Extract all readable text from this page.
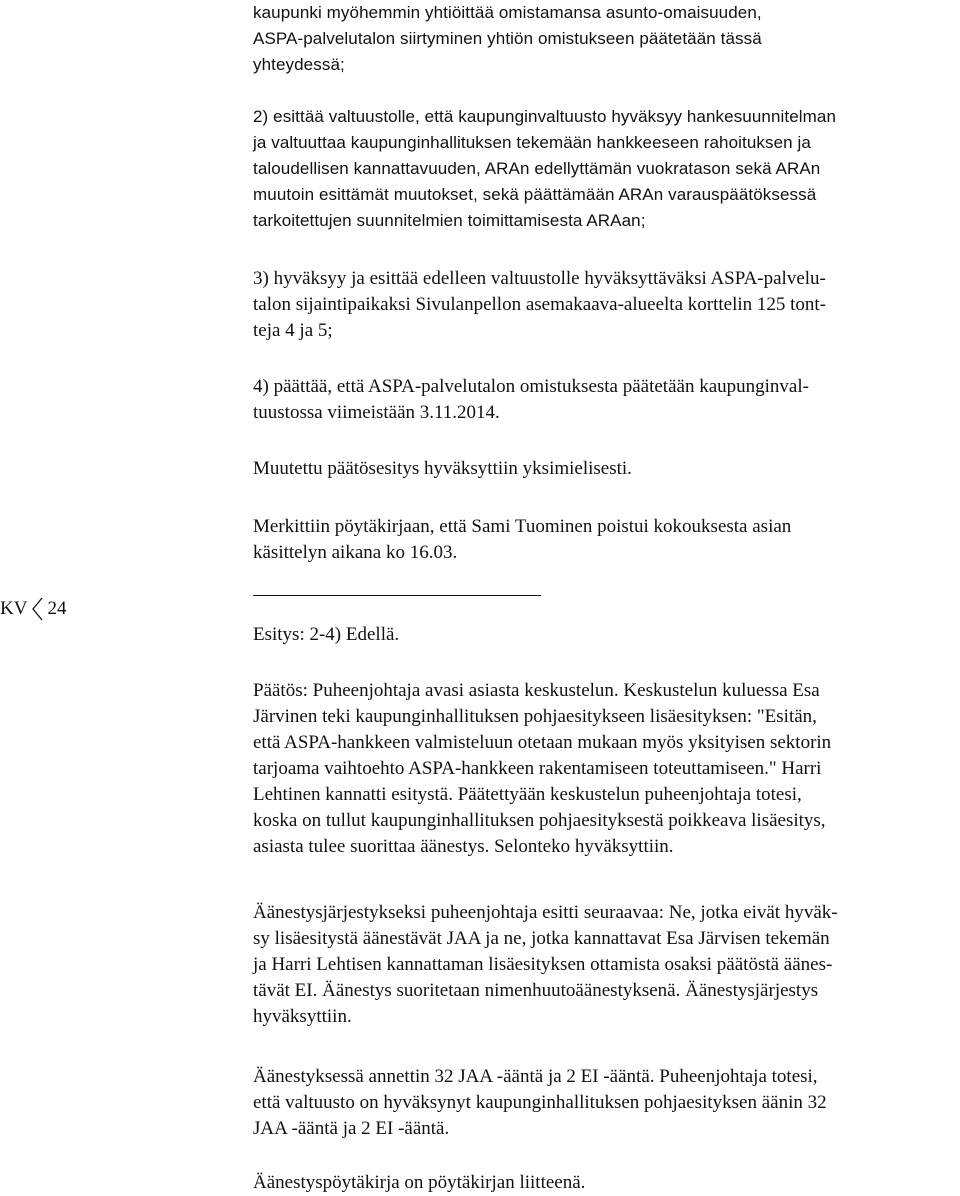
KV 24
kaupunki myöhemmin yhtiöittää omistamansa asunto-omaisuuden,
ASPA-palvelutalon siirtyminen yhtiön omistukseen päätetään tässä
yhteydessä;
2) esittää valtuustolle, että kaupunginvaltuusto hyväksyy hankesuunnitelman
ja valtuuttaa kaupunginhallituksen tekemään hankkeeseen rahoituksen ja
taloudellisen kannattavuuden, ARAn edellyttämän vuokratason sekä ARAn
muutoin esittämät muutokset, sekä päättämään ARAn varauspäätöksessä
tarkoitettujen suunnitelmien toimittamisesta ARAan;
3) hyväksyy ja esittää edelleen valtuustolle hyväksyttäväksi ASPA-palvelu-
talon sijaintipaikaksi Sivulanpellon asemakaava-alueelta korttelin 125 tont-
teja 4 ja 5;
4) päättää, että ASPA-palvelutalon omistuksesta päätetään kaupunginval-
tuustossa viimeistään 3.11.2014.
Muutettu päätösesitys hyväksyttiin yksimielisesti.
Merkittiin pöytäkirjaan, että Sami Tuominen poistui kokouksesta asian
käsittelyn aikana ko 16.03.
Esitys: 2-4) Edellä.
Päätös: Puheenjohtaja avasi asiasta keskustelun. Keskustelun kuluessa Esa
Järvinen teki kaupunginhallituksen pohjaesitykseen lisäesityksen: "Esitän,
että ASPA-hankkeen valmisteluun otetaan mukaan myös yksityisen sektorin
tarjoama vaihtoehto ASPA-hankkeen rakentamiseen toteuttamiseen." Harri
Lehtinen kannatti esitystä. Päätettyään keskustelun puheenjohtaja totesi,
koska on tullut kaupunginhallituksen pohjaesityksestä poikkeava lisäesitys,
asiasta tulee suorittaa äänestys. Selonteko hyväksyttiin.
Äänestysjärjestykseksi puheenjohtaja esitti seuraavaa: Ne, jotka eivät hyväk-
sy lisäesitystä äänestävät JAA ja ne, jotka kannattavat Esa Järvisen tekemän
ja Harri Lehtisen kannattaman lisäesityksen ottamista osaksi päätöstä äänes-
tävät EI. Äänestys suoritetaan nimenhuutoäänestyksenä. Äänestysjärjestys
hyväksyttiin.
Äänestyksessä annettin 32 JAA -ääntä ja 2 EI -ääntä. Puheenjohtaja totesi,
että valtuusto on hyväksynyt kaupunginhallituksen pohjaesityksen äänin 32
JAA -ääntä ja 2 EI -ääntä.
Äänestyspöytäkirja on pöytäkirjan liitteenä.
